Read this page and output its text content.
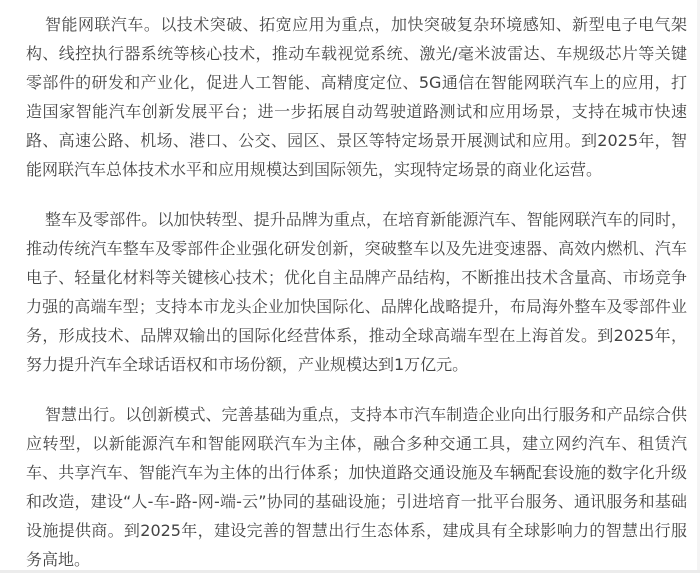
智能网联汽车。以技术突破、拓宽应用为重点，加快突破复杂环境感知、新型电子电气架构、线控执行器系统等核心技术，推动车载视觉系统、激光/毫米波雷达、车规级芯片等关键零部件的研发和产业化，促进人工智能、高精度定位、5G通信在智能网联汽车上的应用，打造国家智能汽车创新发展平台；进一步拓展自动驾驶道路测试和应用场景，支持在城市快速路、高速公路、机场、港口、公交、园区、景区等特定场景开展测试和应用。到2025年，智能网联汽车总体技术水平和应用规模达到国际领先，实现特定场景的商业化运营。

整车及零部件。以加快转型、提升品牌为重点，在培育新能源汽车、智能网联汽车的同时，推动传统汽车整车及零部件企业强化研发创新，突破整车以及先进变速器、高效内燃机、汽车电子、轻量化材料等关键核心技术；优化自主品牌产品结构，不断推出技术含量高、市场竞争力强的高端车型；支持本市龙头企业加快国际化、品牌化战略提升，布局海外整车及零部件业务，形成技术、品牌双输出的国际化经营体系，推动全球高端车型在上海首发。到2025年，努力提升汽车全球话语权和市场份额，产业规模达到1万亿元。

智慧出行。以创新模式、完善基础为重点，支持本市汽车制造企业向出行服务和产品综合供应转型，以新能源汽车和智能网联汽车为主体，融合多种交通工具，建立网约汽车、租赁汽车、共享汽车、智能汽车为主体的出行体系；加快道路交通设施及车辆配套设施的数字化升级和改造，建设“人-车-路-网-端-云”协同的基础设施；引进培育一批平台服务、通讯服务和基础设施提供商。到2025年，建设完善的智慧出行生态体系，建成具有全球影响力的智慧出行服务高地。
